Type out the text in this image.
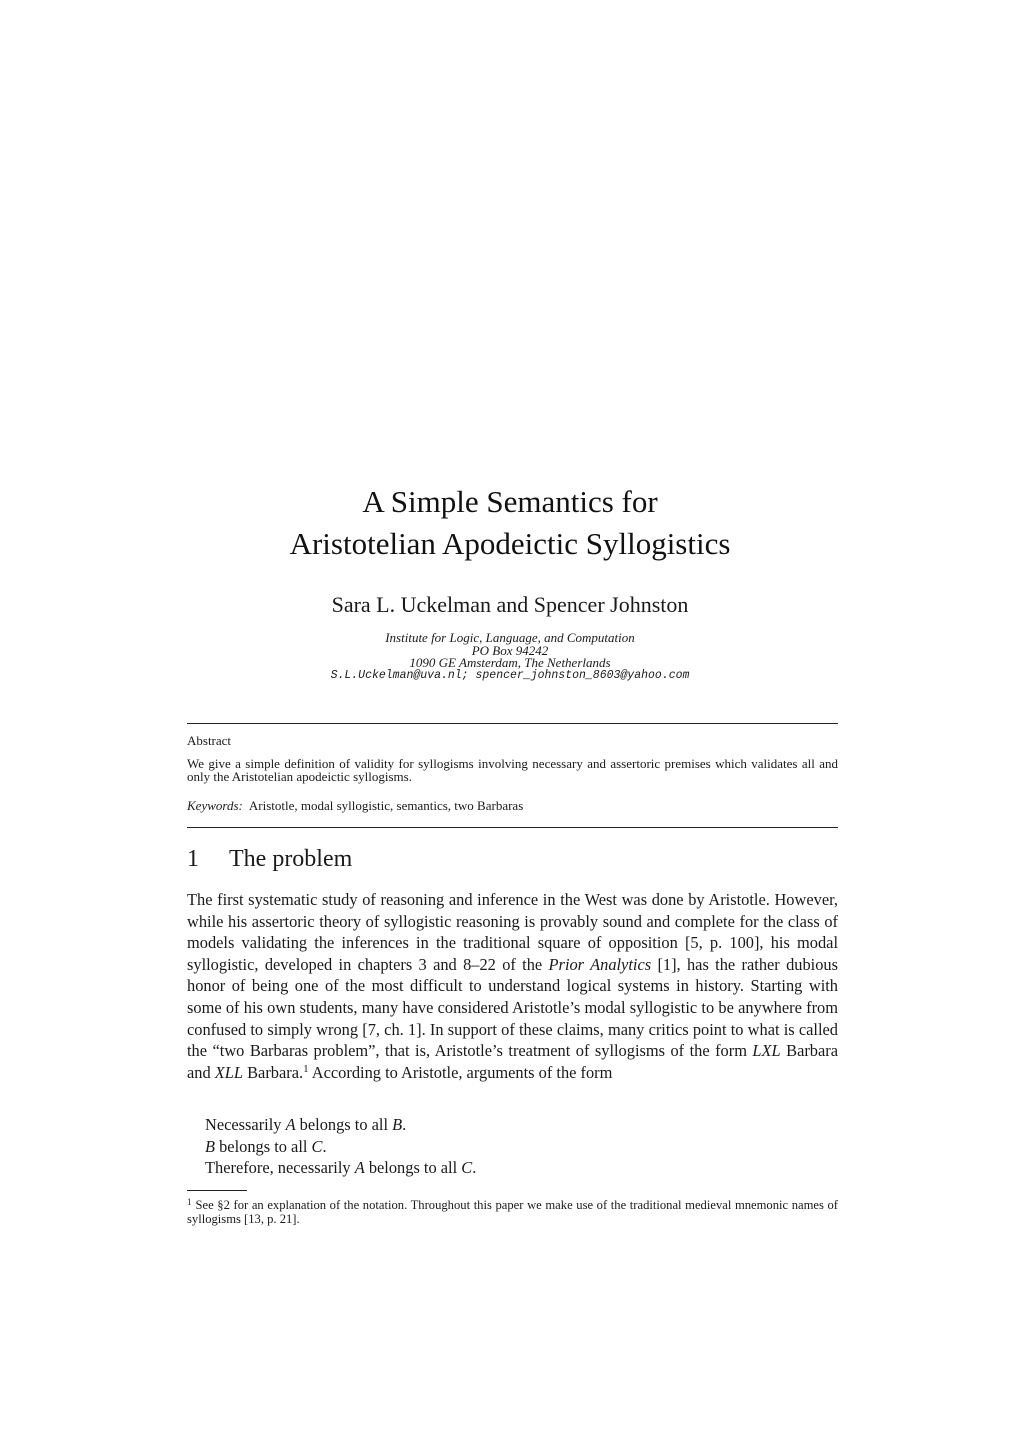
A Simple Semantics for
Aristotelian Apodeictic Syllogistics
Sara L. Uckelman and Spencer Johnston
Institute for Logic, Language, and Computation
PO Box 94242
1090 GE Amsterdam, The Netherlands
S.L.Uckelman@uva.nl; spencer_johnston_8603@yahoo.com
Abstract
We give a simple definition of validity for syllogisms involving necessary and assertoric premises which validates all and only the Aristotelian apodeictic syllogisms.
Keywords: Aristotle, modal syllogistic, semantics, two Barbaras
1 The problem
The first systematic study of reasoning and inference in the West was done by Aristotle. However, while his assertoric theory of syllogistic reasoning is provably sound and complete for the class of models validating the inferences in the traditional square of opposition [5, p. 100], his modal syllogistic, developed in chapters 3 and 8–22 of the Prior Analytics [1], has the rather dubious honor of being one of the most difficult to understand logical systems in history. Starting with some of his own students, many have considered Aristotle’s modal syllogistic to be anywhere from confused to simply wrong [7, ch. 1]. In support of these claims, many critics point to what is called the “two Barbaras problem”, that is, Aristotle’s treatment of syllogisms of the form LXL Barbara and XLL Barbara.$^1$ According to Aristotle, arguments of the form
Necessarily A belongs to all B.
B belongs to all C.
Therefore, necessarily A belongs to all C.
$^1$ See §2 for an explanation of the notation. Throughout this paper we make use of the traditional medieval mnemonic names of syllogisms [13, p. 21].
